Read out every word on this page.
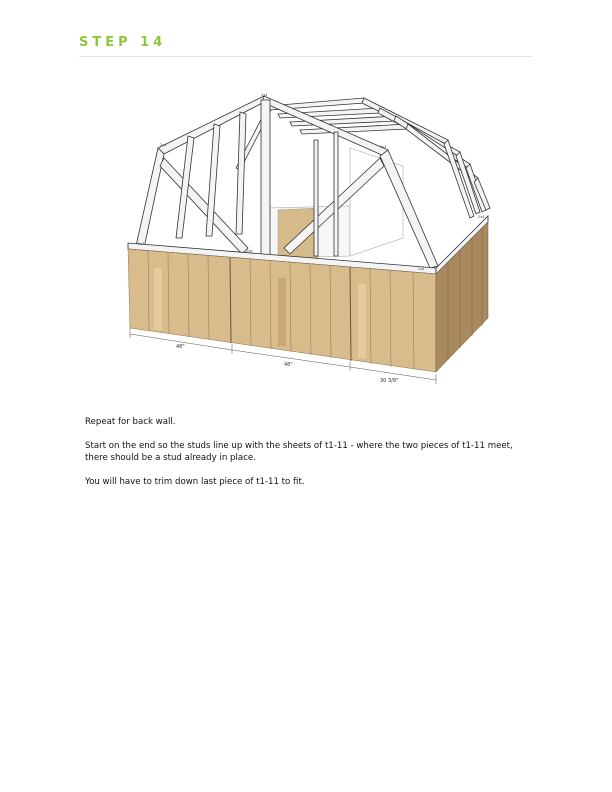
STEP 14
48"
48"
30 3/8"
2x4
2x4
2x4
2x4
2x4
2x4
2x4

Repeat for back wall.

Start on the end so the studs line up with the sheets of t1-11 - where the two pieces of t1-11 meet, there should be a stud already in place.

You will have to trim down last piece of t1-11 to fit.
